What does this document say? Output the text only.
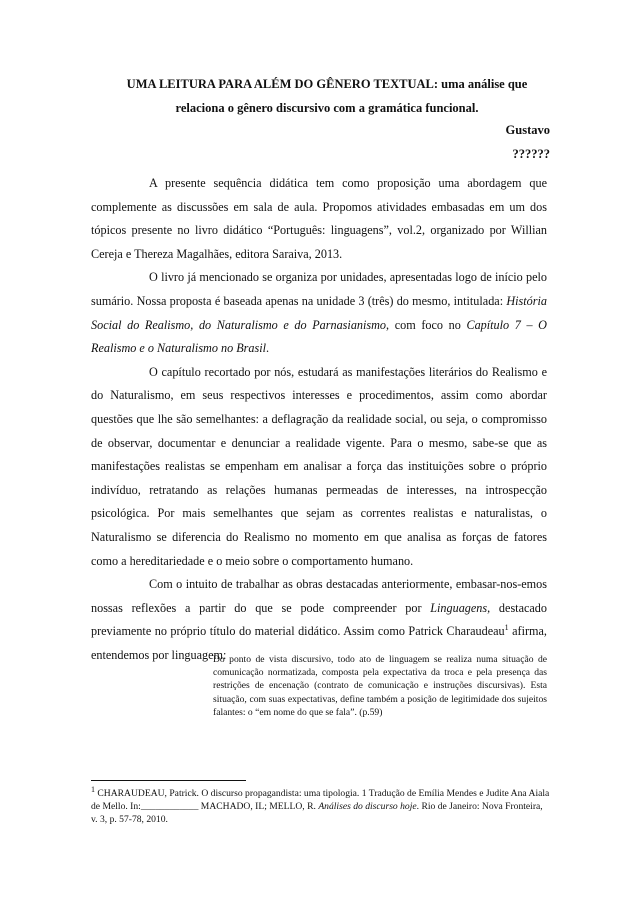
UMA LEITURA PARA ALÉM DO GÊNERO TEXTUAL: uma análise que
relaciona o gênero discursivo com a gramática funcional.
Gustavo
??????

A presente sequência didática tem como proposição uma abordagem que complemente as discussões em sala de aula. Propomos atividades embasadas em um dos tópicos presente no livro didático “Português: linguagens”, vol.2, organizado por Willian Cereja e Thereza Magalhães, editora Saraiva, 2013.

O livro já mencionado se organiza por unidades, apresentadas logo de início pelo sumário. Nossa proposta é baseada apenas na unidade 3 (três) do mesmo, intitulada: História Social do Realismo, do Naturalismo e do Parnasianismo, com foco no Capítulo 7 – O Realismo e o Naturalismo no Brasil.

O capítulo recortado por nós, estudará as manifestações literários do Realismo e do Naturalismo, em seus respectivos interesses e procedimentos, assim como abordar questões que lhe são semelhantes: a deflagração da realidade social, ou seja, o compromisso de observar, documentar e denunciar a realidade vigente. Para o mesmo, sabe-se que as manifestações realistas se empenham em analisar a força das instituições sobre o próprio indivíduo, retratando as relações humanas permeadas de interesses, na introspecção psicológica. Por mais semelhantes que sejam as correntes realistas e naturalistas, o Naturalismo se diferencia do Realismo no momento em que analisa as forças de fatores como a hereditariedade e o meio sobre o comportamento humano.

Com o intuito de trabalhar as obras destacadas anteriormente, embasar-nos-emos nossas reflexões a partir do que se pode compreender por Linguagens, destacado previamente no próprio título do material didático. Assim como Patrick Charaudeau$^1$ afirma, entendemos por linguagem:

Do ponto de vista discursivo, todo ato de linguagem se realiza numa situação de comunicação normatizada, composta pela expectativa da troca e pela presença das restrições de encenação (contrato de comunicação e instruções discursivas). Esta situação, com suas expectativas, define também a posição de legitimidade dos sujeitos falantes: o “em nome do que se fala”. (p.59)
$^1$ CHARAUDEAU, Patrick. O discurso propagandista: uma tipologia. 1 Tradução de Emília Mendes e Judite Ana Aiala de Mello. In:____________ MACHADO, IL; MELLO, R. Análises do discurso hoje. Rio de Janeiro: Nova Fronteira, v. 3, p. 57-78, 2010.
